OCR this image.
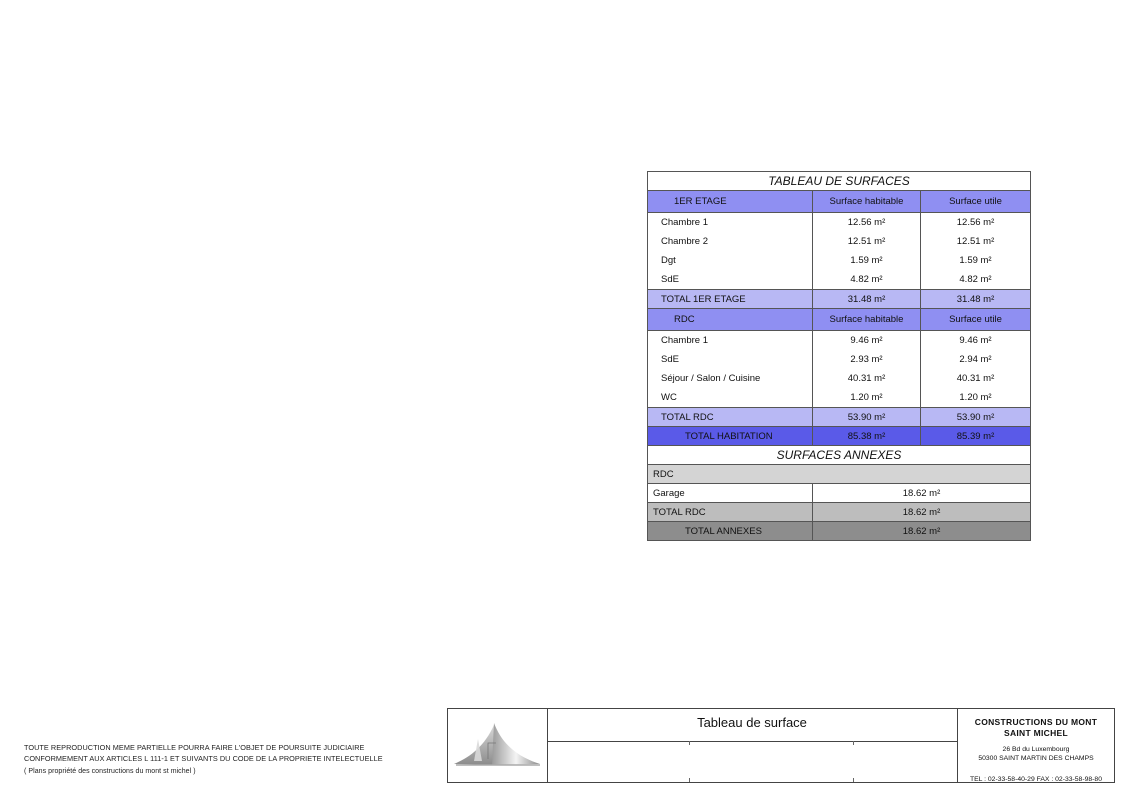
TABLEAU DE SURFACES		
1ER ETAGE	Surface habitable	Surface utile
Chambre 1	12.56 m²	12.56 m²
Chambre 2	12.51 m²	12.51 m²
Dgt	1.59 m²	1.59 m²
SdE	4.82 m²	4.82 m²
TOTAL 1ER ETAGE	31.48 m²	31.48 m²
RDC	Surface habitable	Surface utile
Chambre 1	9.46 m²	9.46 m²
SdE	2.93 m²	2.94 m²
Séjour / Salon / Cuisine	40.31 m²	40.31 m²
WC	1.20 m²	1.20 m²
TOTAL RDC	53.90 m²	53.90 m²
TOTAL HABITATION	85.38 m²	85.39 m²
SURFACES ANNEXES		
RDC		
Garage	18.62 m²	
TOTAL RDC	18.62 m²	
TOTAL ANNEXES	18.62 m²	
TOUTE REPRODUCTION MEME PARTIELLE POURRA FAIRE L'OBJET DE POURSUITE JUDICIAIRE
CONFORMEMENT AUX ARTICLES L 111-1 ET SUIVANTS DU CODE DE LA PROPRIETE INTELECTUELLE
( Plans propriété des constructions du mont st michel )
Tableau de surface	CONSTRUCTIONS DU MONT
SAINT MICHEL
26 Bd du Luxembourg
50300 SAINT MARTIN DES CHAMPS
TEL : 02-33-58-40-29 FAX : 02-33-58-98-80
